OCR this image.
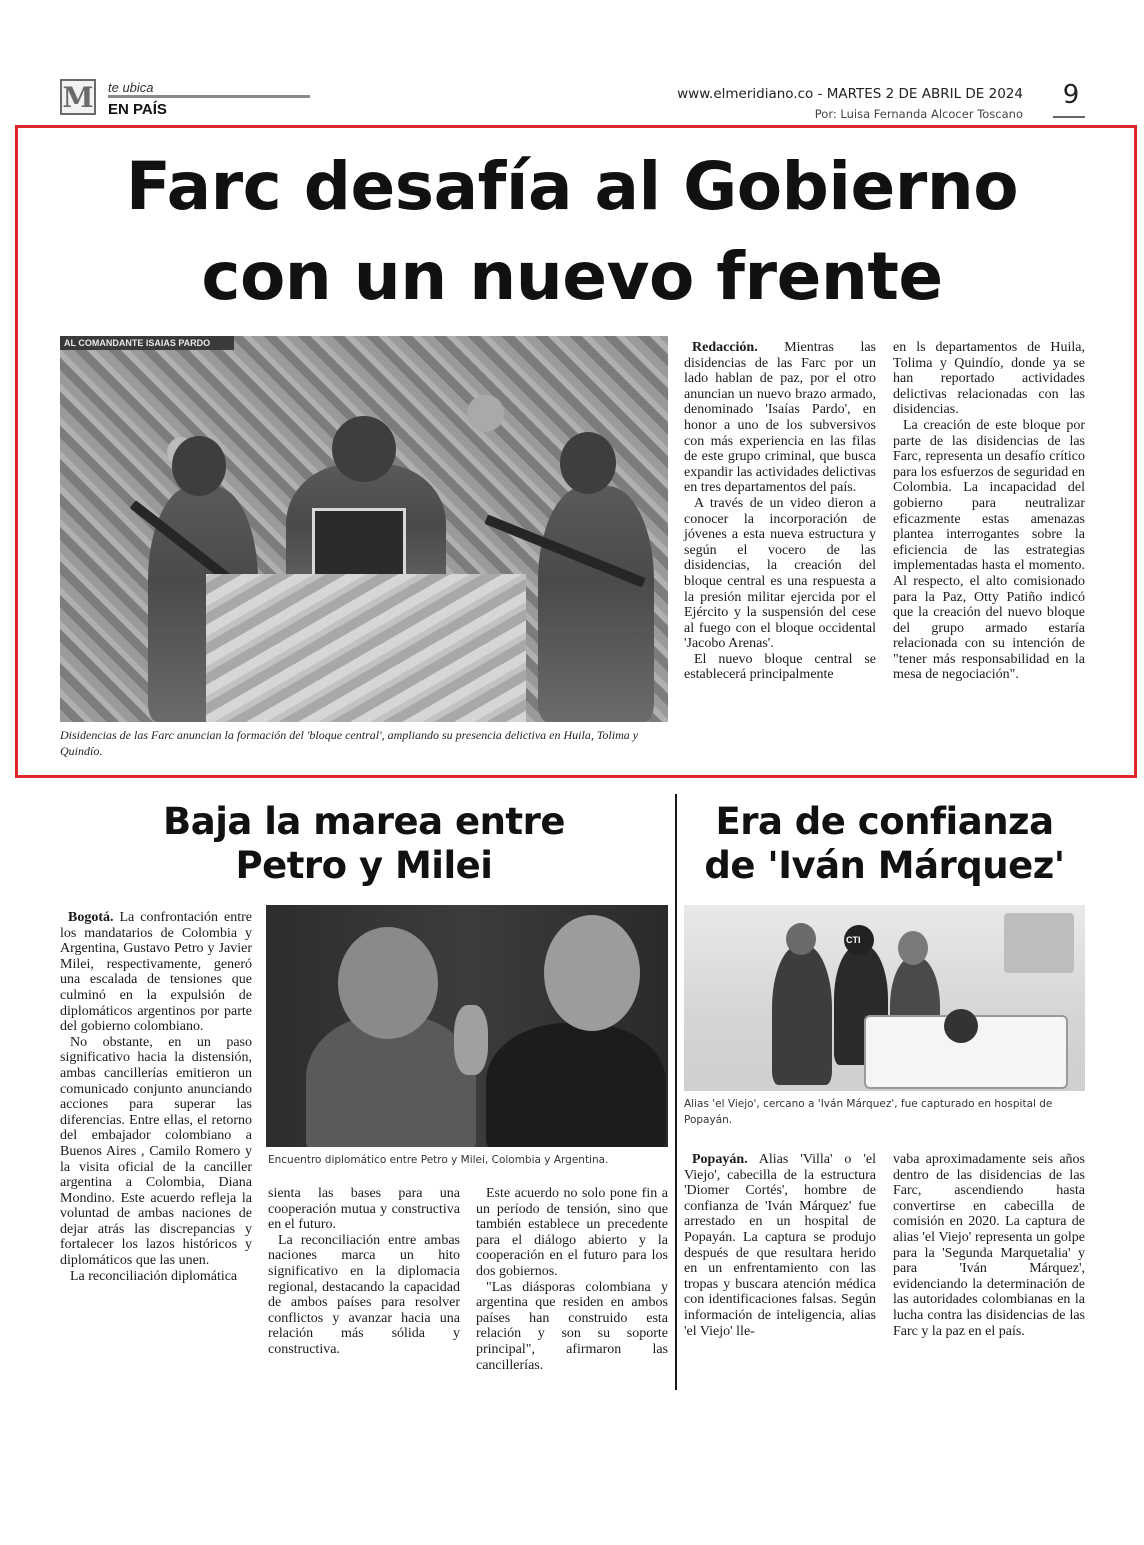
M te ubica
EN PAÍS
www.elmeridiano.co - MARTES 2 DE ABRIL DE 2024
Por: Luisa Fernanda Alcocer Toscano
9
Farc desafía al Gobierno
con un nuevo frente
AL COMANDANTE ISAIAS PARDO
Disidencias de las Farc anuncian la formación del 'bloque central', ampliando su presencia delictiva en Huila, Tolima y Quindío.

Redacción. Mientras las disidencias de las Farc por un lado hablan de paz, por el otro anuncian un nuevo brazo armado, denominado 'Isaías Pardo', en honor a uno de los subversivos con más experiencia en las filas de este grupo criminal, que busca expandir las actividades delictivas en tres departamentos del país.

A través de un video dieron a conocer la incorporación de jóvenes a esta nueva estructura y según el vocero de las disidencias, la creación del bloque central es una respuesta a la presión militar ejercida por el Ejército y la suspensión del cese al fuego con el bloque occidental 'Jacobo Arenas'.

El nuevo bloque central se establecerá principalmente

en ls departamentos de Huila, Tolima y Quindío, donde ya se han reportado actividades delictivas relacionadas con las disidencias.

La creación de este bloque por parte de las disidencias de las Farc, representa un desafío crítico para los esfuerzos de seguridad en Colombia. La incapacidad del gobierno para neutralizar eficazmente estas amenazas plantea interrogantes sobre la eficiencia de las estrategias implementadas hasta el momento. Al respecto, el alto comisionado para la Paz, Otty Patiño indicó que la creación del nuevo bloque del grupo armado estaría relacionada con su intención de "tener más responsabilidad en la mesa de negociación".

Baja la marea entre
Petro y Milei

Bogotá. La confrontación entre los mandatarios de Colombia y Argentina, Gustavo Petro y Javier Milei, respectivamente, generó una escalada de tensiones que culminó en la expulsión de diplomáticos argentinos por parte del gobierno colombiano.

No obstante, en un paso significativo hacia la distensión, ambas cancillerías emitieron un comunicado conjunto anunciando acciones para superar las diferencias. Entre ellas, el retorno del embajador colombiano a Buenos Aires , Camilo Romero y la visita oficial de la canciller argentina a Colombia, Diana Mondino. Este acuerdo refleja la voluntad de ambas naciones de dejar atrás las discrepancias y fortalecer los lazos históricos y diplomáticos que las unen.

La reconciliación diplomática

Encuentro diplomático entre Petro y Milei, Colombia y Argentina.

sienta las bases para una cooperación mutua y constructiva en el futuro.

La reconciliación entre ambas naciones marca un hito significativo en la diplomacia regional, destacando la capacidad de ambos países para resolver conflictos y avanzar hacia una relación más sólida y constructiva.

Este acuerdo no solo pone fin a un período de tensión, sino que también establece un precedente para el diálogo abierto y la cooperación en el futuro para los dos gobiernos.

"Las diásporas colombiana y argentina que residen en ambos países han construido esta relación y son su soporte principal", afirmaron las cancillerías.

Era de confianza
de 'Iván Márquez'
CTI
Alias 'el Viejo', cercano a 'Iván Márquez', fue capturado en hospital de Popayán.

Popayán. Alias 'Villa' o 'el Viejo', cabecilla de la estructura 'Diomer Cortés', hombre de confianza de 'Iván Márquez' fue arrestado en un hospital de Popayán. La captura se produjo después de que resultara herido en un enfrentamiento con las tropas y buscara atención médica con identificaciones falsas. Según información de inteligencia, alias 'el Viejo' lle-

vaba aproximadamente seis años dentro de las disidencias de las Farc, ascendiendo hasta convertirse en cabecilla de comisión en 2020. La captura de alias 'el Viejo' representa un golpe para la 'Segunda Marquetalia' y para 'Iván Márquez', evidenciando la determinación de las autoridades colombianas en la lucha contra las disidencias de las Farc y la paz en el país.
